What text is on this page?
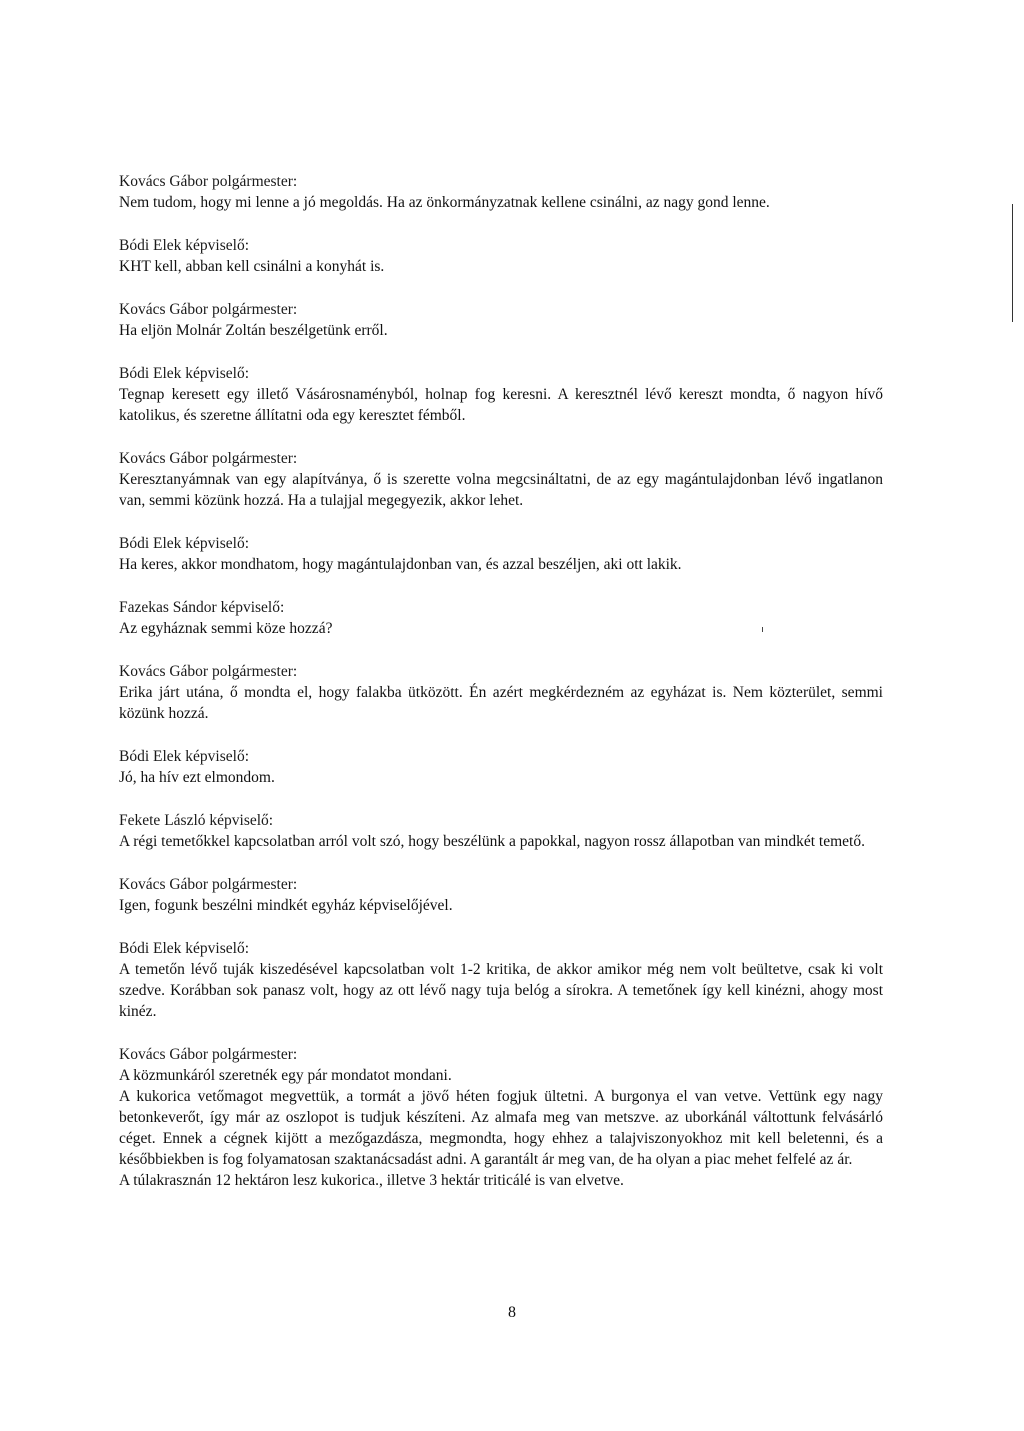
Kovács Gábor polgármester:

Nem tudom, hogy mi lenne a jó megoldás. Ha az önkormányzatnak kellene csinálni, az nagy gond lenne.

Bódi Elek képviselő:

KHT kell, abban kell csinálni a konyhát is.

Kovács Gábor polgármester:

Ha eljön Molnár Zoltán beszélgetünk erről.

Bódi Elek képviselő:

Tegnap keresett egy illető Vásárosnaményból, holnap fog keresni. A keresztnél lévő kereszt mondta, ő nagyon hívő katolikus, és szeretne állítatni oda egy keresztet fémből.

Kovács Gábor polgármester:

Keresztanyámnak van egy alapítványa, ő is szerette volna megcsináltatni, de az egy magántulajdonban lévő ingatlanon van, semmi közünk hozzá. Ha a tulajjal megegyezik, akkor lehet.

Bódi Elek képviselő:

Ha keres, akkor mondhatom, hogy magántulajdonban van, és azzal beszéljen, aki ott lakik.

Fazekas Sándor képviselő:

Az egyháznak semmi köze hozzá?

Kovács Gábor polgármester:

Erika járt utána, ő mondta el, hogy falakba ütközött. Én azért megkérdezném az egyházat is. Nem közterület, semmi közünk hozzá.

Bódi Elek képviselő:

Jó, ha hív ezt elmondom.

Fekete László képviselő:

A régi temetőkkel kapcsolatban arról volt szó, hogy beszélünk a papokkal, nagyon rossz állapotban van mindkét temető.

Kovács Gábor polgármester:

Igen, fogunk beszélni mindkét egyház képviselőjével.

Bódi Elek képviselő:

A temetőn lévő tuják kiszedésével kapcsolatban volt 1-2 kritika, de akkor amikor még nem volt beültetve, csak ki volt szedve. Korábban sok panasz volt, hogy az ott lévő nagy tuja belóg a sírokra. A temetőnek így kell kinézni, ahogy most kinéz.

Kovács Gábor polgármester:

A közmunkáról szeretnék egy pár mondatot mondani.

A kukorica vetőmagot megvettük, a tormát a jövő héten fogjuk ültetni. A burgonya el van vetve. Vettünk egy nagy betonkeverőt, így már az oszlopot is tudjuk készíteni. Az almafa meg van metszve. az uborkánál váltottunk felvásárló céget. Ennek a cégnek kijött a mezőgazdásza, megmondta, hogy ehhez a talajviszonyokhoz mit kell beletenni, és a későbbiekben is fog folyamatosan szaktanácsadást adni. A garantált ár meg van, de ha olyan a piac mehet felfelé az ár.

A túlakrasznán 12 hektáron lesz kukorica., illetve 3 hektár triticálé is van elvetve.

8
